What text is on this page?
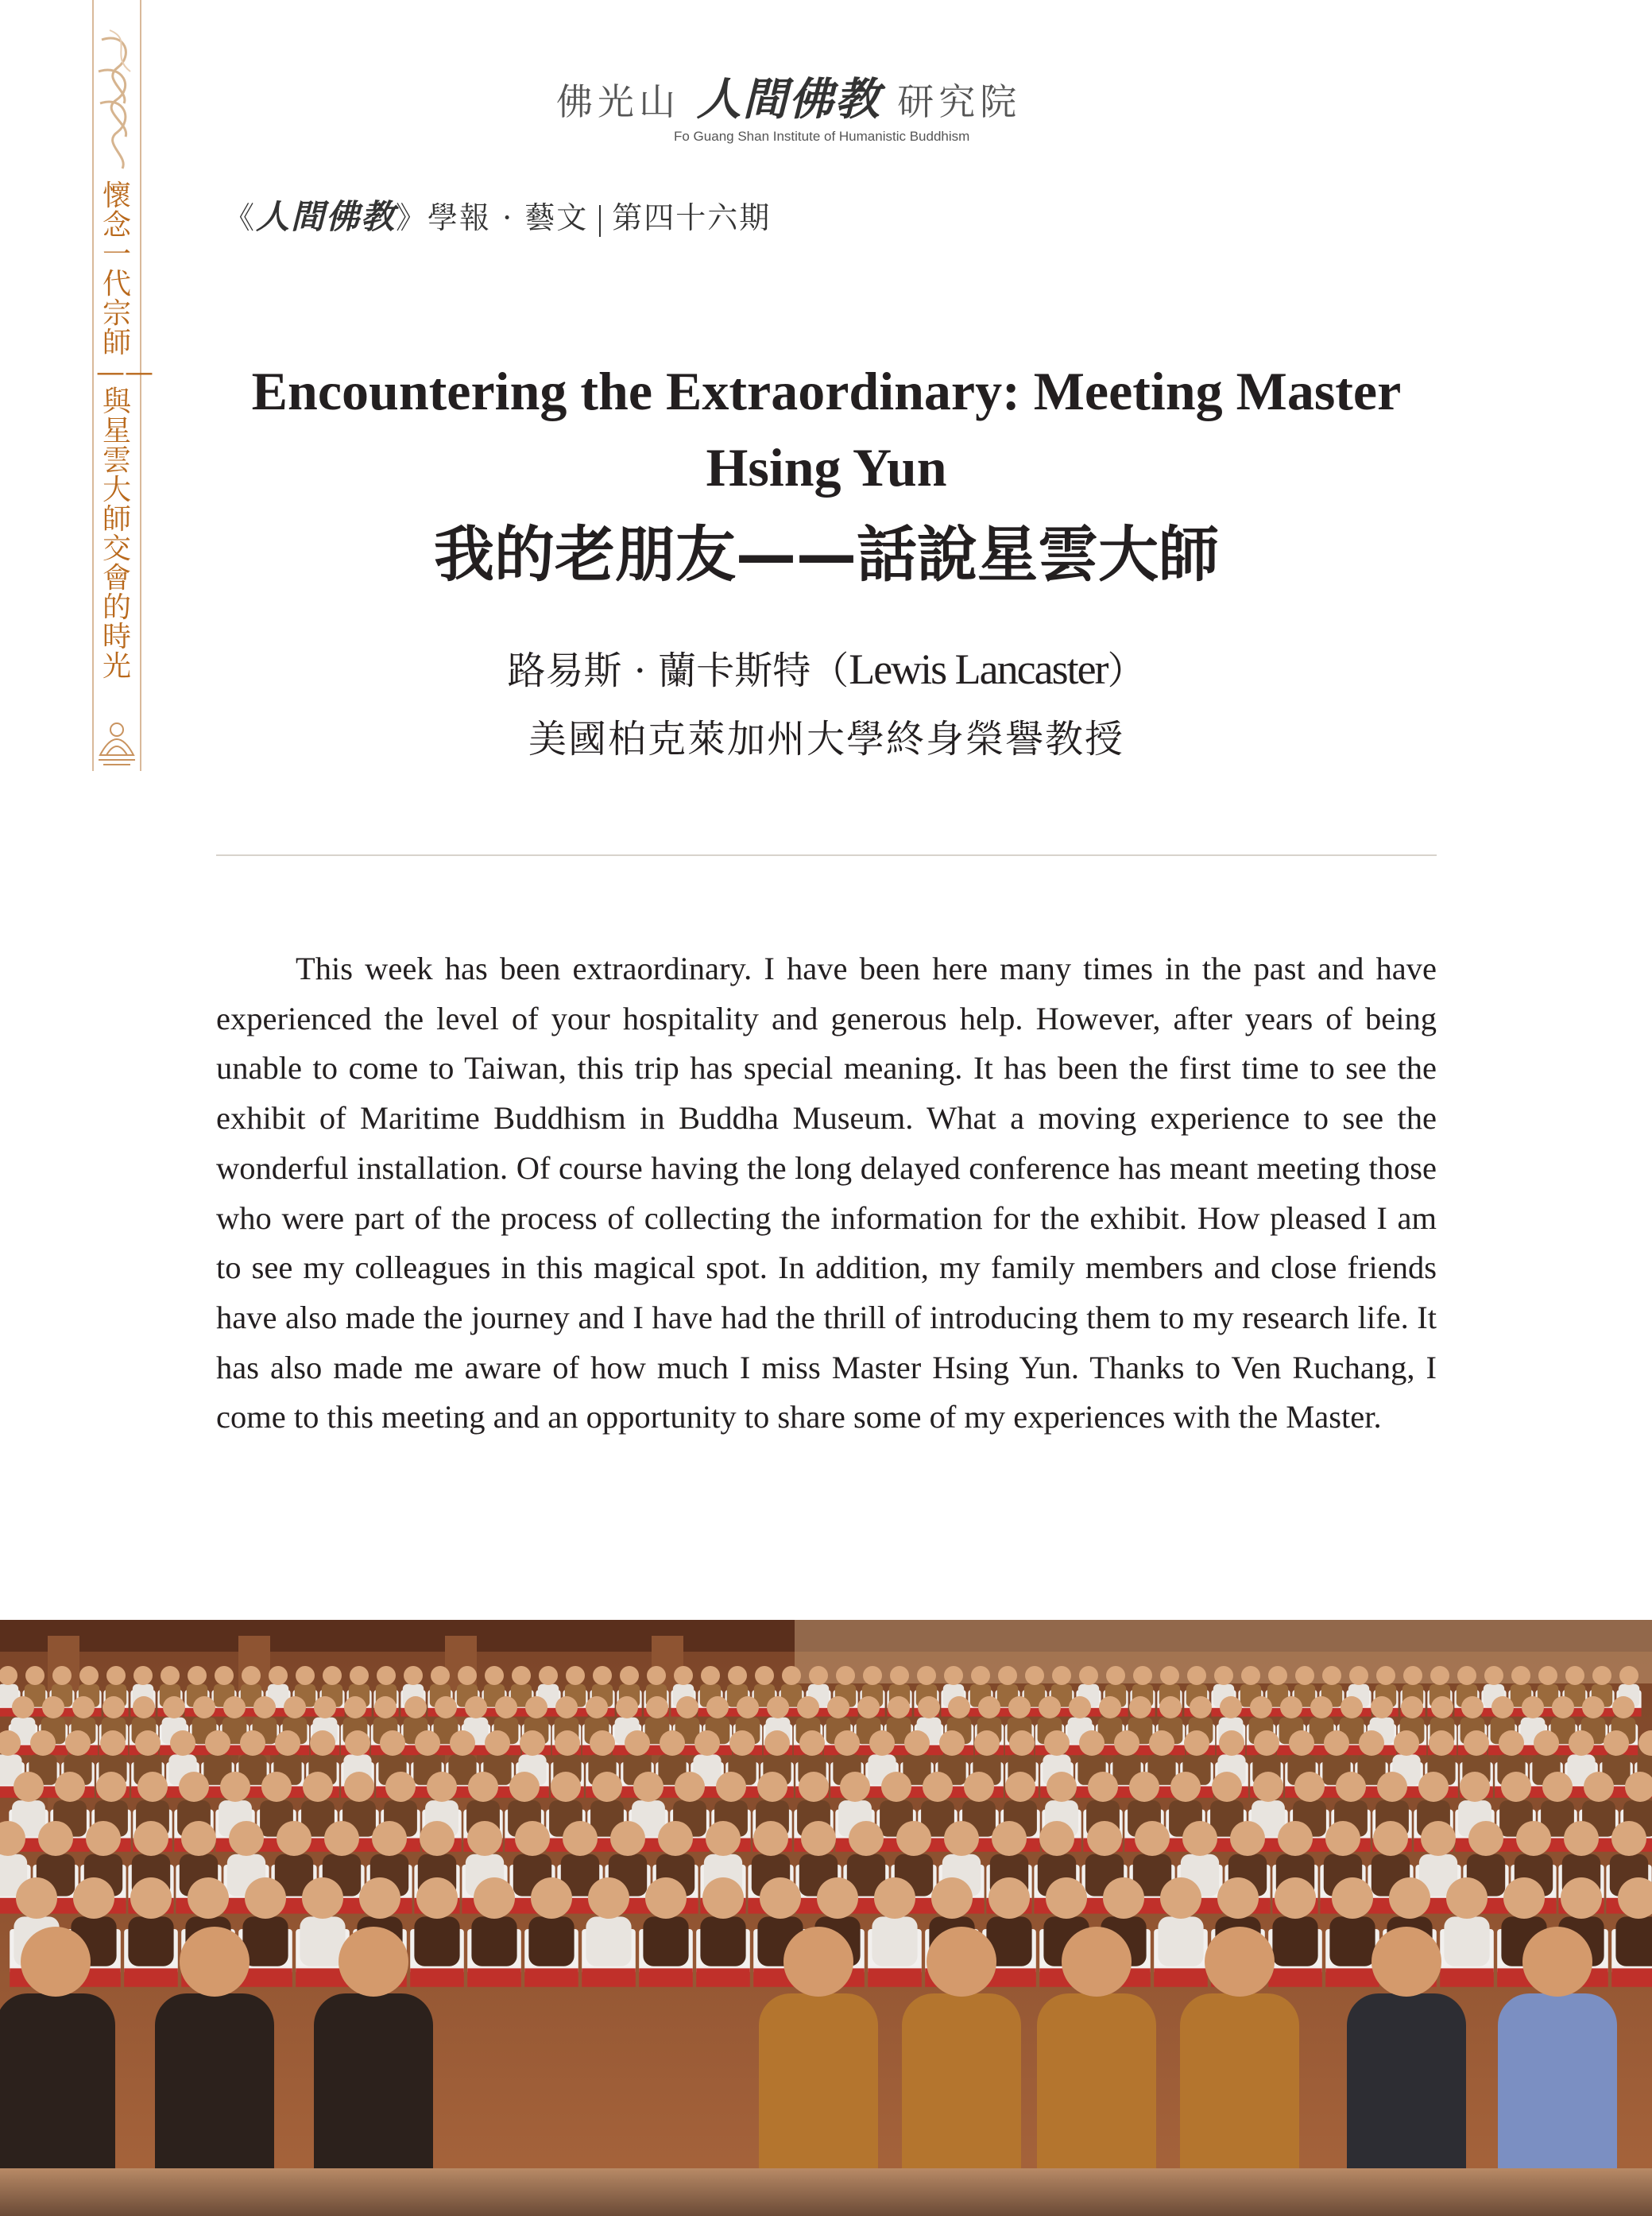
懷念一代宗師——與星雲大師交會的時光
佛光山 人間佛教 研究院
Fo Guang Shan Institute of Humanistic Buddhism
《人間佛教》學報 · 藝文 第四十六期
Encountering the Extraordinary: Meeting Master Hsing Yun
我的老朋友——話說星雲大師
路易斯 · 蘭卡斯特（Lewis Lancaster）
美國柏克萊加州大學終身榮譽教授

This week has been extraordinary. I have been here many times in the past and have experienced the level of your hospitality and generous help. However, after years of being unable to come to Taiwan, this trip has special meaning. It has been the first time to see the exhibit of Maritime Buddhism in Buddha Museum. What a moving experience to see the wonderful installation. Of course having the long delayed conference has meant meeting those who were part of the process of collecting the information for the exhibit. How pleased I am to see my colleagues in this magical spot. In addition, my family members and close friends have also made the journey and I have had the thrill of introducing them to my research life. It has also made me aware of how much I miss Master Hsing Yun. Thanks to Ven Ruchang, I come to this meeting and an opportunity to share some of my experiences with the Master.
